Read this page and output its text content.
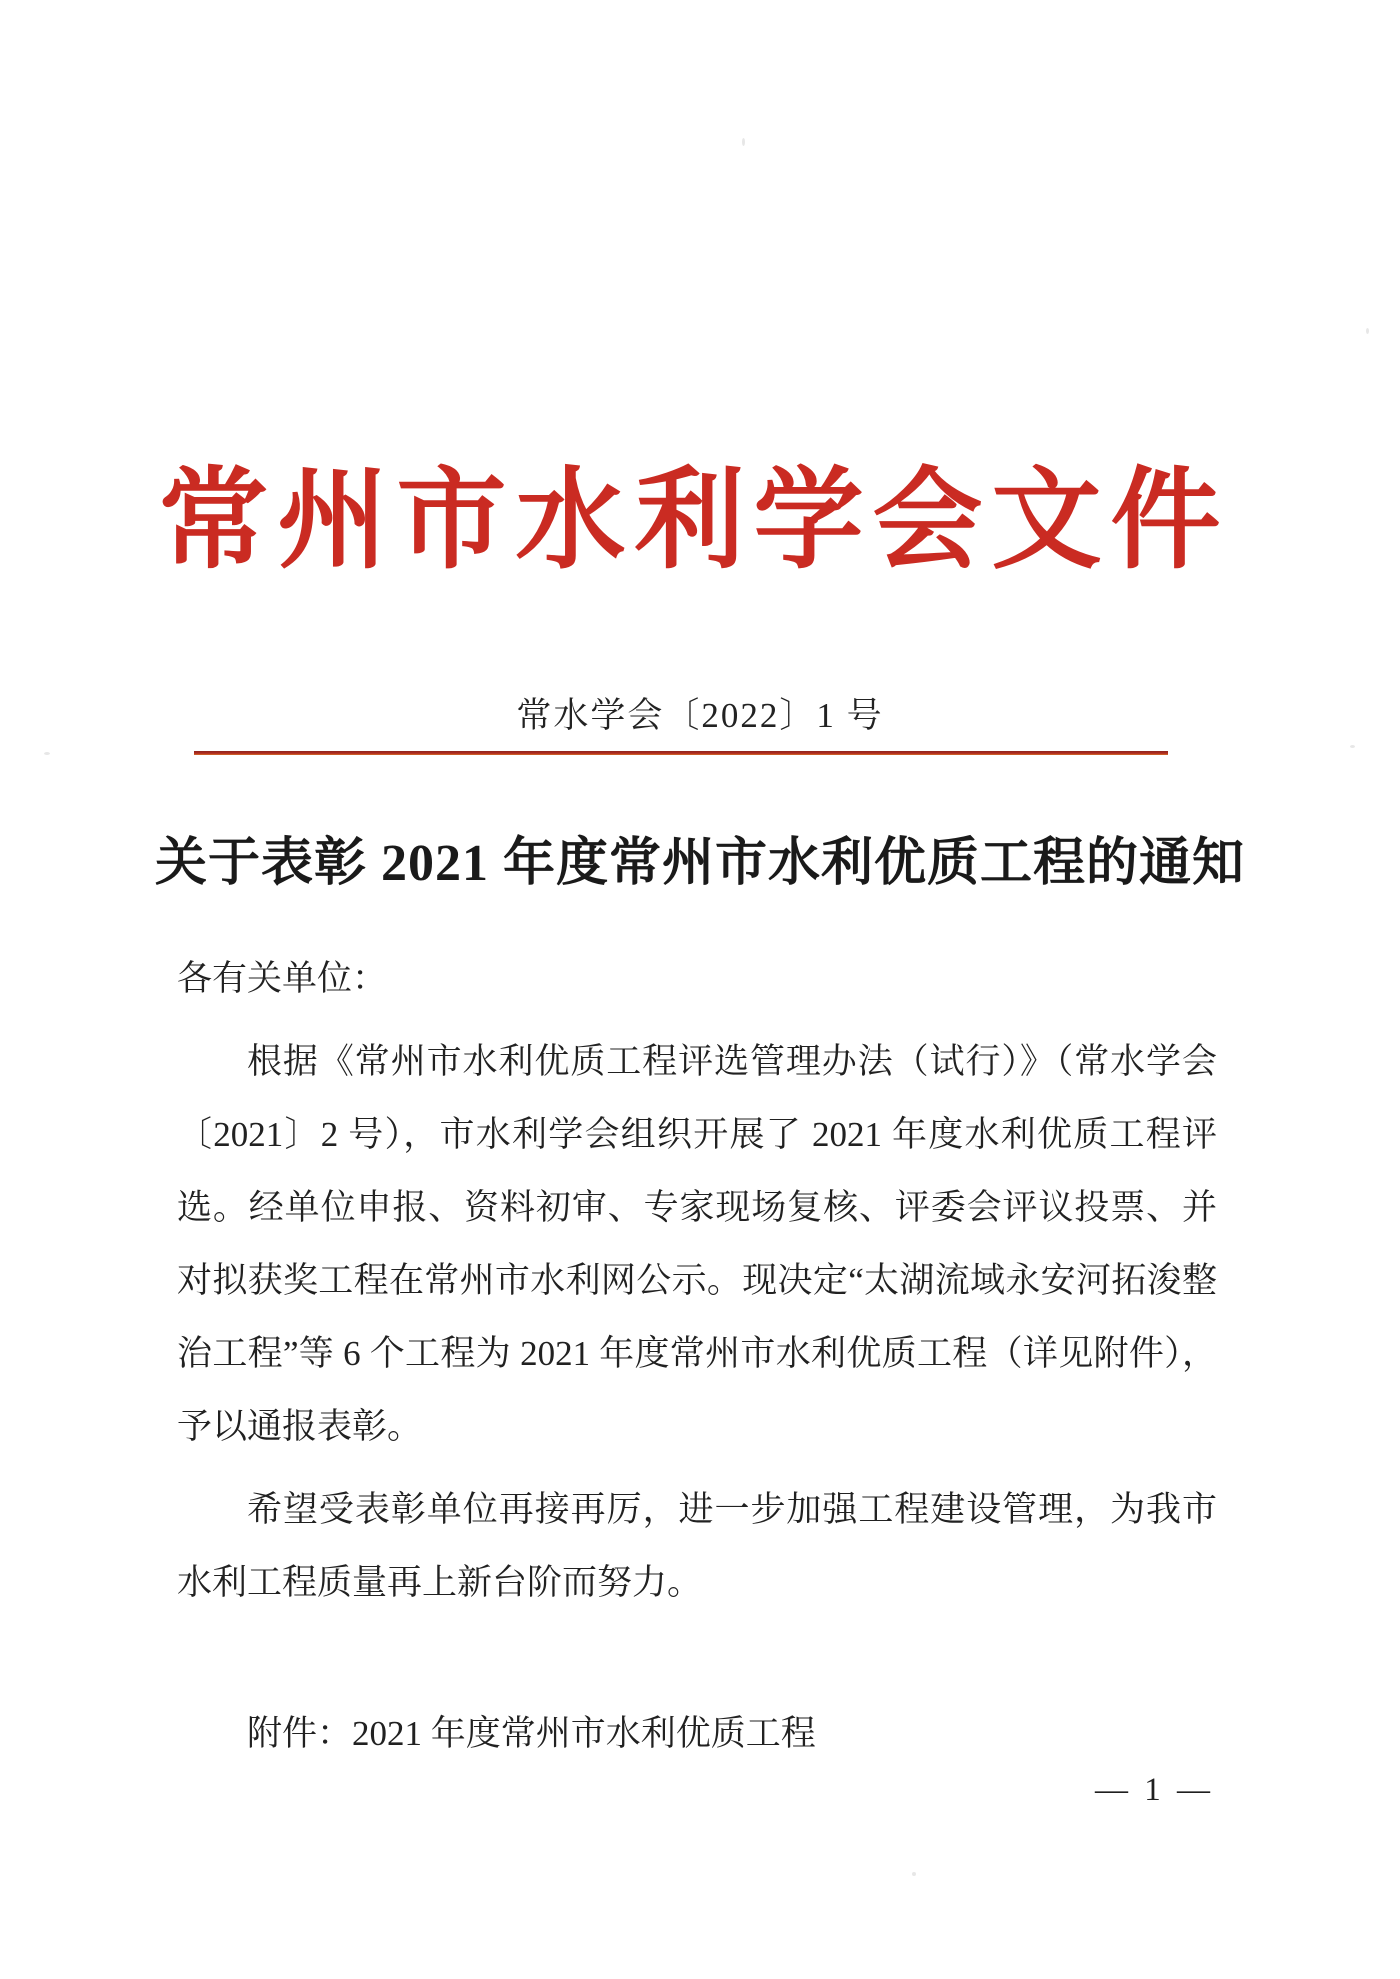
常州市水利学会文件
常水学会〔2022〕1 号
关于表彰 2021 年度常州市水利优质工程的通知

各有关单位：

根据《常州市水利优质工程评选管理办法（试行）》（常水学会〔2021〕2 号），市水利学会组织开展了 2021 年度水利优质工程评选。经单位申报、资料初审、专家现场复核、评委会评议投票、并对拟获奖工程在常州市水利网公示。现决定“太湖流域永安河拓浚整治工程”等 6 个工程为 2021 年度常州市水利优质工程（详见附件），予以通报表彰。

希望受表彰单位再接再厉，进一步加强工程建设管理，为我市水利工程质量再上新台阶而努力。

附件：2021 年度常州市水利优质工程

— 1 —
